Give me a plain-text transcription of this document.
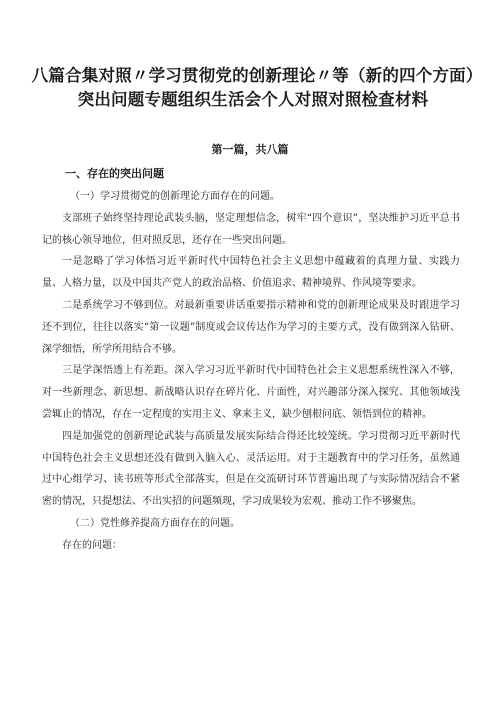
八篇合集对照〃学习贯彻党的创新理论〃等（新的四个方面）突出问题专题组织生活会个人对照对照检查材料
第一篇，共八篇
一、存在的突出问题

（一）学习贯彻党的创新理论方面存在的问题。

支部班子始终坚持理论武装头脑，坚定理想信念，树牢“四个意识”，坚决维护习近平总书记的核心领导地位，但对照反思，还存在一些突出问题。

一是忽略了学习体悟习近平新时代中国特色社会主义思想中蕴藏着的真理力量、实践力量、人格力量，以及中国共产党人的政治品格、价值追求、精神境界、作风境等要求。

二是系统学习不够到位。对最新重要讲话重要指示精神和党的创新理论成果及时跟进学习还不到位，往往以落实“第一议题”制度或会议传达作为学习的主要方式，没有做到深入钻研、深学细悟，所学所用结合不够。

三是学深悟透上有差距。深入学习习近平新时代中国特色社会主义思想系统性深入不够，对一些新理念、新思想、新战略认识存在碎片化、片面性，对兴趣部分深入探究、其他领域浅尝辄止的情况，存在一定程度的实用主义、拿来主义，缺少刨根问底、领悟到位的精神。

四是加强党的创新理论武装与高质量发展实际结合得还比较笼统。学习贯彻习近平新时代中国特色社会主义思想还没有做到入脑入心、灵活运用。对于主题教育中的学习任务，虽然通过中心组学习、读书班等形式全部落实，但是在交流研讨环节普遍出现了与实际情况结合不紧密的情况，只提想法、不出实招的问题频现，学习成果较为宏观、推动工作不够聚焦。

（二）党性修养提高方面存在的问题。

存在的问题：
